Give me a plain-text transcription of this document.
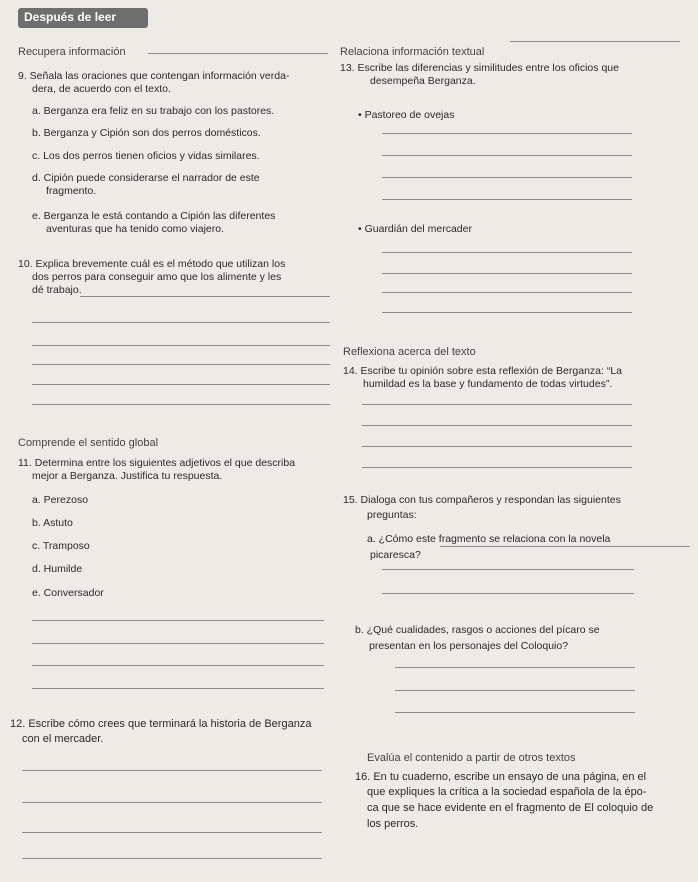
Después de leer
Recupera información
9. Señala las oraciones que contengan información verda-
dera, de acuerdo con el texto.
a. Berganza era feliz en su trabajo con los pastores.
b. Berganza y Cipión son dos perros domésticos.
c. Los dos perros tienen oficios y vidas similares.
d. Cipión puede considerarse el narrador de este
fragmento.
e. Berganza le está contando a Cipión las diferentes
aventuras que ha tenido como viajero.
10. Explica brevemente cuál es el método que utilizan los
dos perros para conseguir amo que los alimente y les
dé trabajo.
Comprende el sentido global
11. Determina entre los siguientes adjetivos el que describa
mejor a Berganza. Justifica tu respuesta.
a. Perezoso
b. Astuto
c. Tramposo
d. Humilde
e. Conversador
12. Escribe cómo crees que terminará la historia de Berganza
con el mercader.
Relaciona información textual
13. Escribe las diferencias y similitudes entre los oficios que
desempeña Berganza.
• Pastoreo de ovejas
• Guardián del mercader
Reflexiona acerca del texto
14. Escribe tu opinión sobre esta reflexión de Berganza: “La
humildad es la base y fundamento de todas virtudes”.
15. Dialoga con tus compañeros y respondan las siguientes
preguntas:
a. ¿Cómo este fragmento se relaciona con la novela
picaresca?
b. ¿Qué cualidades, rasgos o acciones del pícaro se
presentan en los personajes del Coloquio?
Evalúa el contenido a partir de otros textos
16. En tu cuaderno, escribe un ensayo de una página, en el
que expliques la crítica a la sociedad española de la épo-
ca que se hace evidente en el fragmento de El coloquio de
los perros.
